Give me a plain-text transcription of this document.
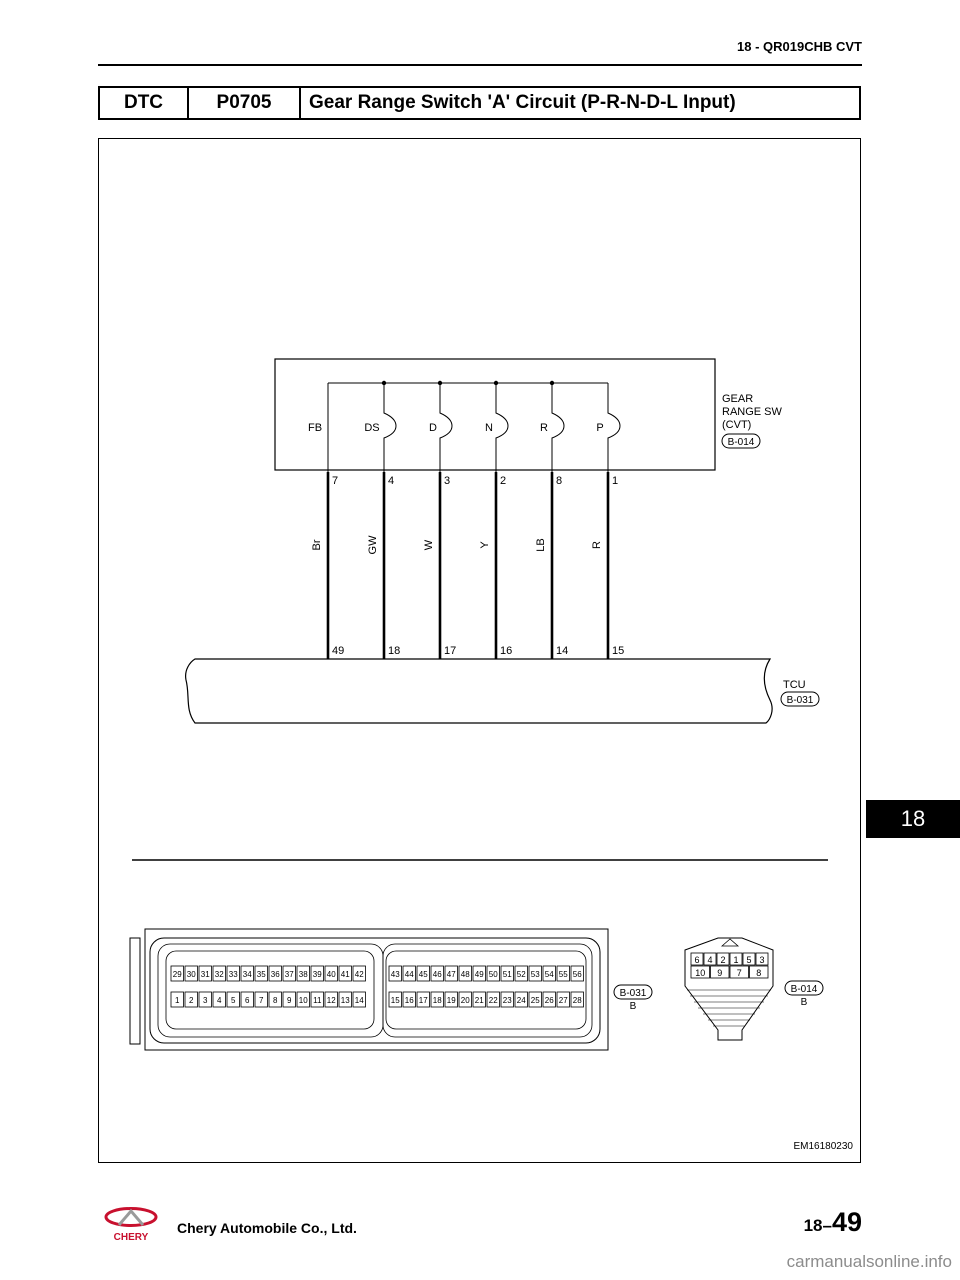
18 - QR019CHB CVT
DTC	P0705	Gear Range Switch 'A' Circuit (P-R-N-D-L Input)
GEAR
RANGE SW
(CVT)
B-014
FB	DS	D	N	R	P
7
Br
49
4
GW
18
3
W
17
2
Y
16
8
LB
14
1
R
15
TCU
B-031
29 30 31 32 33 34 35 36 37 38 39 40 41 42
1 2 3 4 5 6 7 8 9 10 11 12 13 14
43 44 45 46 47 48 49 50 51 52 53 54 55 56
15 16 17 18 19 20 21 22 23 24 25 26 27 28
B-031
B
6 4 2 1 5 3
10 9 7 8
B-014
B
EM16180230
18
CHERY
Chery Automobile Co., Ltd.	18–49
carmanualsonline.info
